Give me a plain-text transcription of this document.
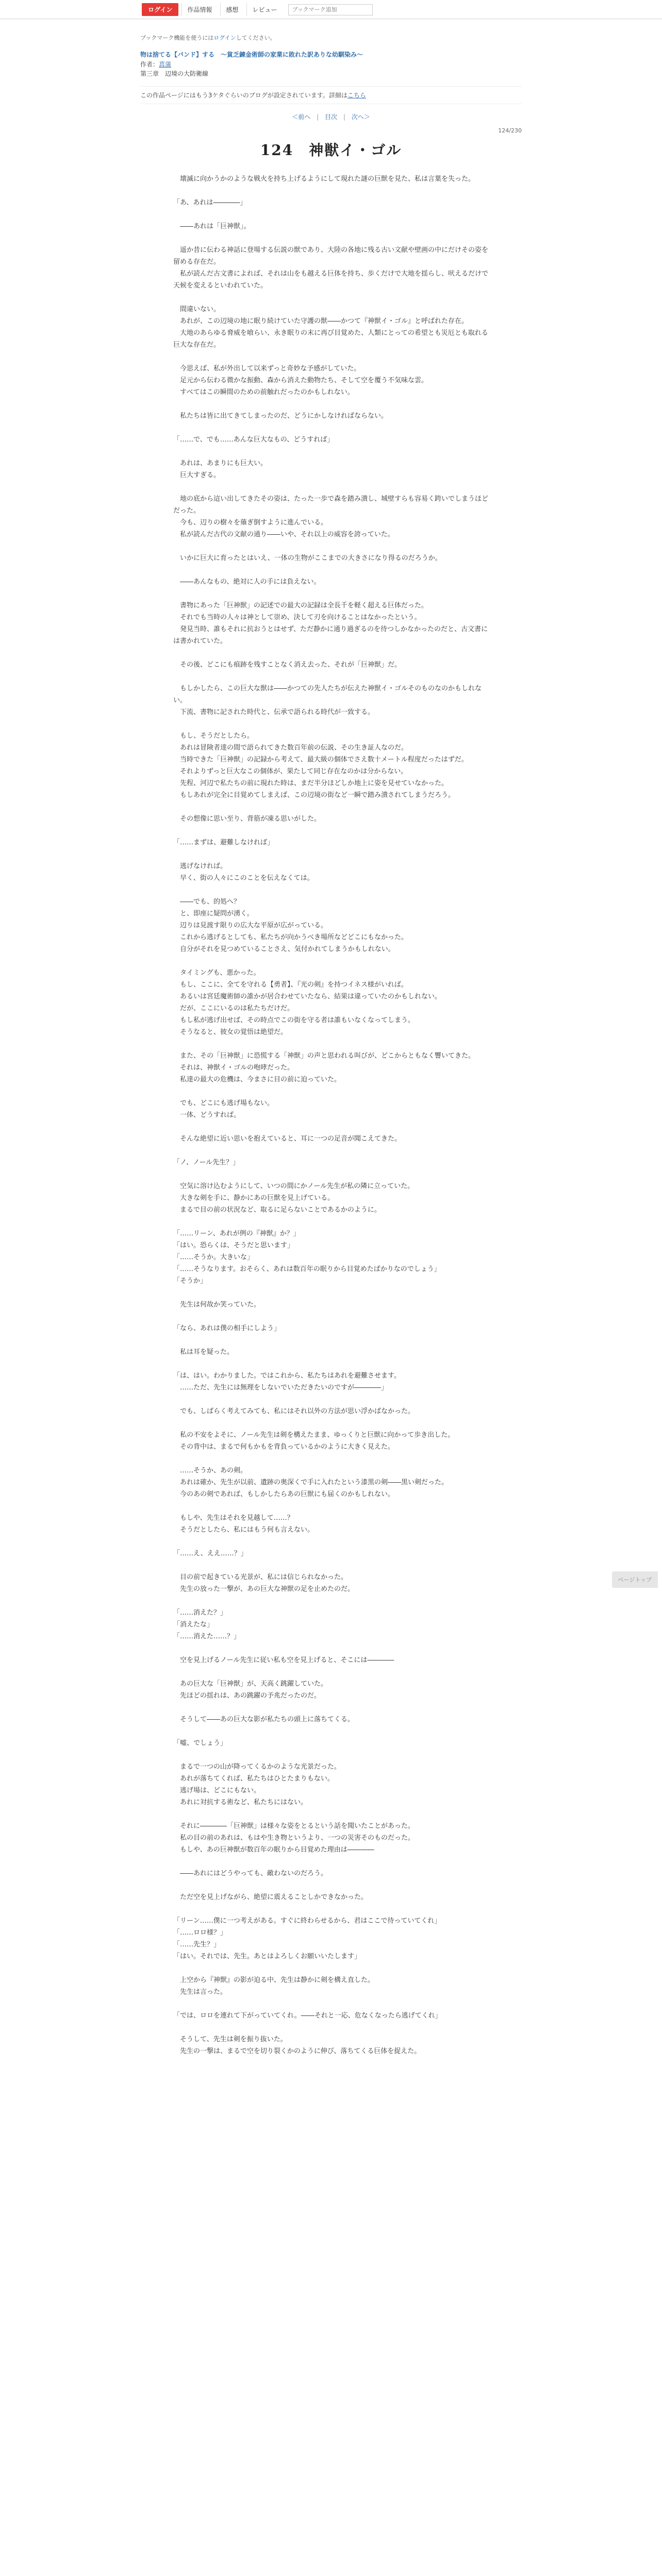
ログイン	作品情報	感想	レビュー
ブックマーク追加
ブックマーク機能を使うにはログインしてください。
物は捨てる【バンド】する　～貧乏錬金術師の家業に敗れた訳ありな幼馴染み～
作者：菖蒲
第三章　辺境の大防衛線
この作品ページにはもう3ケタぐらいのブログが設定されています。詳細はこちら
＜前へ | 目次 | 次へ＞
124/230
124　神獣イ・ゴル

　壊滅に向かうかのような戦火を持ち上げるようにして現れた謎の巨獣を見た、私は言葉を失った。

「あ、あれは――――」

　――あれは「巨神獣」。

　遥か昔に伝わる神話に登場する伝説の獣であり、大陸の各地に残る古い文献や壁画の中にだけその姿を留める存在だ。

　私が読んだ古文書によれば、それは山をも越える巨体を持ち、歩くだけで大地を揺らし、吠えるだけで天候を変えるといわれていた。

　間違いない。

　あれが、この辺境の地に眠り続けていた守護の獣――かつて『神獣イ・ゴル』と呼ばれた存在。

　大地のあらゆる脅威を喰らい、永き眠りの末に再び目覚めた、人類にとっての希望とも災厄とも取れる巨大な存在だ。

　今思えば、私が外出して以来ずっと奇妙な予感がしていた。

　足元から伝わる微かな振動、森から消えた動物たち、そして空を覆う不気味な雲。

　すべてはこの瞬間のための前触れだったのかもしれない。

　私たちは皆に出てきてしまったのだ、どうにかしなければならない。

「……で、でも……あんな巨大なもの、どうすれば」

　あれは、あまりにも巨大い。

　巨大すぎる。

　地の底から這い出してきたその姿は、たった一歩で森を踏み潰し、城壁すらも容易く跨いでしまうほどだった。

　今も、辺りの樹々を薙ぎ倒すように進んでいる。

　私が読んだ古代の文献の通り――いや、それ以上の威容を誇っていた。

　いかに巨大に育ったとはいえ、一体の生物がここまでの大きさになり得るのだろうか。

　――あんなもの、絶対に人の手には負えない。

　書物にあった「巨神獣」の記述での最大の記録は全長千を軽く超える巨体だった。

　それでも当時の人々は神として崇め、決して刃を向けることはなかったという。

　発見当時、誰もそれに抗おうとはせず、ただ静かに通り過ぎるのを待つしかなかったのだと、古文書には書かれていた。

　その後、どこにも痕跡を残すことなく消え去った、それが「巨神獣」だ。

　もしかしたら、この巨大な獣は――かつての先人たちが伝えた神獣イ・ゴルそのものなのかもしれない。

　下流、書物に記された時代と、伝承で語られる時代が一致する。

　もし、そうだとしたら。

　あれは冒険者達の間で語られてきた数百年前の伝説、その生き証人なのだ。

　当時できた「巨神獣」の記録から考えて、最大級の個体でさえ数十メートル程度だったはずだ。

　それよりずっと巨大なこの個体が、果たして同じ存在なのかは分からない。

　先程、河辺で私たちの前に現れた時は、まだ半分ほどしか地上に姿を見せていなかった。

　もしあれが完全に目覚めてしまえば、この辺境の街など一瞬で踏み潰されてしまうだろう。

　その想像に思い至り、背筋が凍る思いがした。

「……まずは、避難しなければ」

　逃げなければ。

　早く、街の人々にこのことを伝えなくては。

　――でも、的処へ？

　と、即座に疑問が湧く。

　辺りは見渡す限りの広大な平原が広がっている。

　これから逃げるとしても、私たちが向かうべき場所などどこにもなかった。

　自分がそれを見つめていることさえ、気付かれてしまうかもしれない。

　タイミングも、悪かった。

　もし、ここに、全てを守れる【勇者】、『光の剣』を持つイネス様がいれば。

　あるいは宮廷魔術師の誰かが居合わせていたなら、結果は違っていたのかもしれない。

　だが、ここにいるのは私たちだけだ。

　もし私が逃げ出せば、その時点でこの街を守る者は誰もいなくなってしまう。

　そうなると、彼女の覚悟は絶望だ。

　また、その「巨神獣」に恐慌する「神獣」の声と思われる叫びが、どこからともなく響いてきた。

　それは、神獣イ・ゴルの咆哮だった。

　私達の最大の危機は、今まさに目の前に迫っていた。

　でも、どこにも逃げ場もない。

　一体、どうすれば。

　そんな絶望に近い思いを抱えていると、耳に一つの足音が聞こえてきた。

「ノ、ノール先生？」

　空気に溶け込むようにして、いつの間にかノール先生が私の隣に立っていた。

　大きな剣を手に、静かにあの巨獣を見上げている。

　まるで目の前の状況など、取るに足らないことであるかのように。

「……リーン、あれが例の『神獣』か？」

「はい。恐らくは、そうだと思います」

「……そうか。大きいな」

「……そうなります。おそらく、あれは数百年の眠りから目覚めたばかりなのでしょう」

「そうか」

　先生は何故か笑っていた。

「なら、あれは僕の相手にしよう」

　私は耳を疑った。

「は、はい。わかりました。ではこれから、私たちはあれを避難させます。

　……ただ、先生には無理をしないでいただきたいのですが――――」

　でも、しばらく考えてみても、私にはそれ以外の方法が思い浮かばなかった。

　私の不安をよそに、ノール先生は剣を構えたまま、ゆっくりと巨獣に向かって歩き出した。

　その背中は、まるで何もかもを背負っているかのように大きく見えた。

　……そうか、あの剣。

　あれは確か、先生が以前、遺跡の奥深くで手に入れたという漆黒の剣――黒い剣だった。

　今のあの剣であれば、もしかしたらあの巨獣にも届くのかもしれない。

　もしや、先生はそれを見越して……？

　そうだとしたら、私にはもう何も言えない。

「……え、ええ……？」

　目の前で起きている光景が、私には信じられなかった。

　先生の放った一撃が、あの巨大な神獣の足を止めたのだ。

「……消えた？」

「消えたな」

「……消えた……？」

　空を見上げるノール先生に従い私も空を見上げると、そこには――――

　あの巨大な「巨神獣」が、天高く跳躍していた。

　先ほどの揺れは、あの跳躍の予兆だったのだ。

　そうして――あの巨大な影が私たちの頭上に落ちてくる。

「嘘、でしょう」

　まるで一つの山が降ってくるかのような光景だった。

　あれが落ちてくれば、私たちはひとたまりもない。

　逃げ場は、どこにもない。

　あれに対抗する術など、私たちにはない。

　それに――――「巨神獣」は様々な姿をとるという話を聞いたことがあった。

　私の目の前のあれは、もはや生き物というより、一つの災害そのものだった。

　もしや、あの巨神獣が数百年の眠りから目覚めた理由は――――

　――あれにはどうやっても、敵わないのだろう。

　ただ空を見上げながら、絶望に震えることしかできなかった。

「リーン……僕に一つ考えがある。すぐに終わらせるから、君はここで待っていてくれ」

「……ロロ様？」

「……先生？」

「はい。それでは、先生。あとはよろしくお願いいたします」

　上空から『神獣』の影が迫る中、先生は静かに剣を構え直した。

　先生は言った。

「では、ロロを連れて下がっていてくれ。――それと一応、危なくなったら逃げてくれ」

　そうして、先生は剣を振り抜いた。

　先生の一撃は、まるで空を切り裂くかのように伸び、落ちてくる巨体を捉えた。

ページトップ
